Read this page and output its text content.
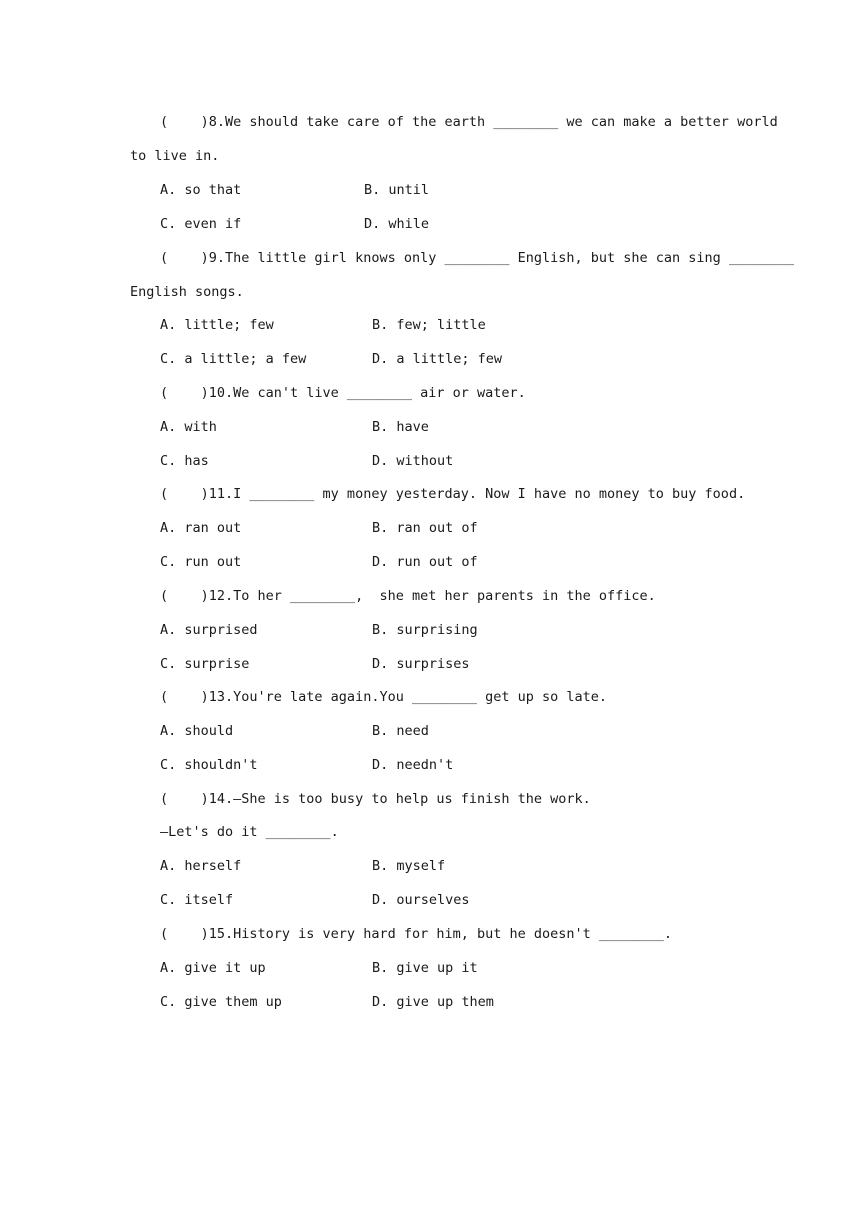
(    )8.We should take care of the earth ________ we can make a better world
to live in.
A. so that	B. until
C. even if	D. while
(    )9.The little girl knows only ________ English, but she can sing ________
English songs.
A. little; few	B. few; little
C. a little; a few	D. a little; few
(    )10.We can't live ________ air or water.
A. with	B. have
C. has	D. without
(    )11.I ________ my money yesterday. Now I have no money to buy food.
A. ran out	B. ran out of
C. run out	D. run out of
(    )12.To her ________,  she met her parents in the office.
A. surprised	B. surprising
C. surprise	D. surprises
(    )13.You're late again.You ________ get up so late.
A. should	B. need
C. shouldn't	D. needn't
(    )14.—She is too busy to help us finish the work.
—Let's do it ________.
A. herself	B. myself
C. itself	D. ourselves
(    )15.History is very hard for him, but he doesn't ________.
A. give it up	B. give up it
C. give them up	D. give up them
